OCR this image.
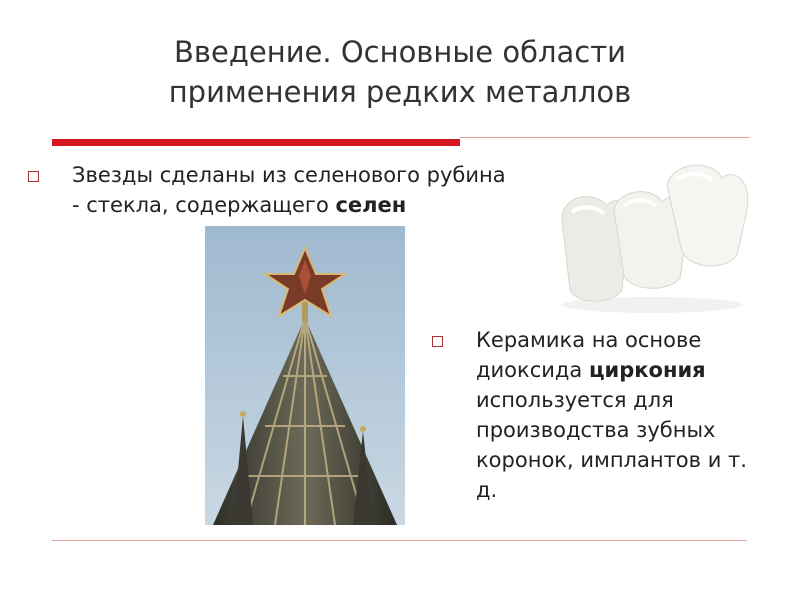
Введение. Основные области
применения редких металлов
Звезды сделаны из селенового рубина - стекла, содержащего селен
Керамика на основе
диоксида циркония
используется для
производства зубных
коронок, имплантов и т.
д.
